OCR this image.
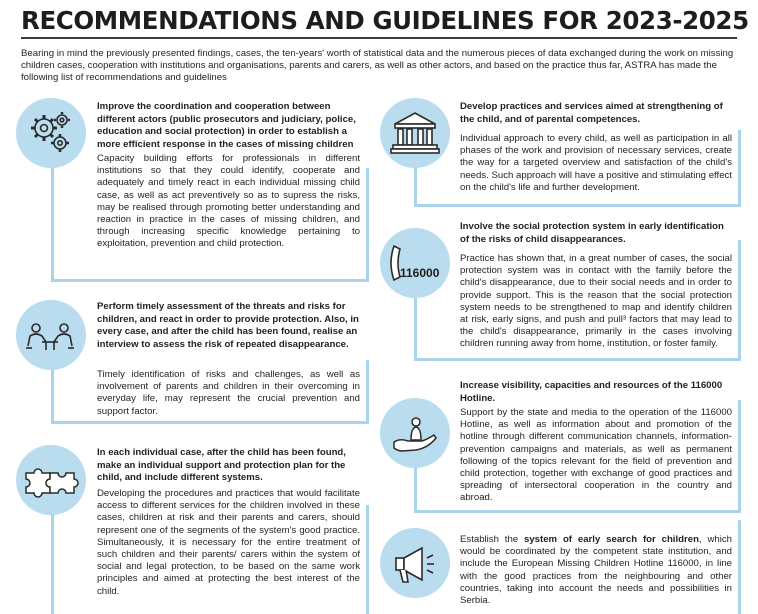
RECOMMENDATIONS AND GUIDELINES FOR 2023-2025
Bearing in mind the previously presented findings, cases, the ten-years' worth of statistical data and the numerous pieces of data exchanged during the work on missing children cases, cooperation with institutions and organisations, parents and carers, as well as other actors, and based on the practice thus far, ASTRA has made the following list of recommendations and guidelines
Improve the coordination and cooperation between different actors (public prosecutors and judiciary, police, education and social protection) in order to establish a more efficient response in the cases of missing children
Capacity building efforts for professionals in different institutions so that they could identify, cooperate and adequately and timely react in each individual missing child case, as well as act preventively so as to supress the risks, may be realised through promoting better understanding and reaction in practice in the cases of missing children, and through increasing specific knowledge pertaining to exploitation, prevention and child protection.
Perform timely assessment of the threats and risks for children, and react in order to provide protection. Also, in every case, and after the child has been found, realise an interview to assess the risk of repeated disappearance.
Timely identification of risks and challenges, as well as involvement of parents and children in their overcoming in everyday life, may represent the crucial prevention and support factor.
In each individual case, after the child has been found, make an individual support and protection plan for the child, and include different systems.
Developing the procedures and practices that would facilitate access to different services for the children involved in these cases, children at risk and their parents and carers, should represent one of the segments of the system's good practice. Simultaneously, it is necessary for the entire treatment of such children and their parents/ carers within the system of social and legal protection, to be based on the same work principles and aimed at protecting the best interest of the child.
Develop practices and services aimed at strengthening of the child, and of parental competences.
Individual approach to every child, as well as participation in all phases of the work and provision of necessary services, create the way for a targeted overview and satisfaction of the child's needs. Such approach will have a positive and stimulating effect on the child's life and further development.
116000
Involve the social protection system in early identification of the risks of child disappearances.
Practice has shown that, in a great number of cases, the social protection system was in contact with the family before the child's disappearance, due to their social needs and in order to provide support. This is the reason that the social protection system needs to be strengthened to map and identify children at risk, early signs, and push and pull³ factors that may lead to the child's disappearance, primarily in the cases involving children running away from home, institution, or foster family.
Increase visibility, capacities and resources of the 116000 Hotline.
Support by the state and media to the operation of the 116000 Hotline, as well as information about and promotion of the hotline through different communication channels, information-prevention campaigns and materials, as well as permanent following of the topics relevant for the field of prevention and child protection, together with exchange of good practices and spreading of intersectoral cooperation in the country and abroad.
Establish the system of early search for children, which would be coordinated by the competent state institution, and include the European Missing Children Hotline 116000, in line with the good practices from the neighbouring and other countries, taking into account the needs and possibilities in Serbia.
